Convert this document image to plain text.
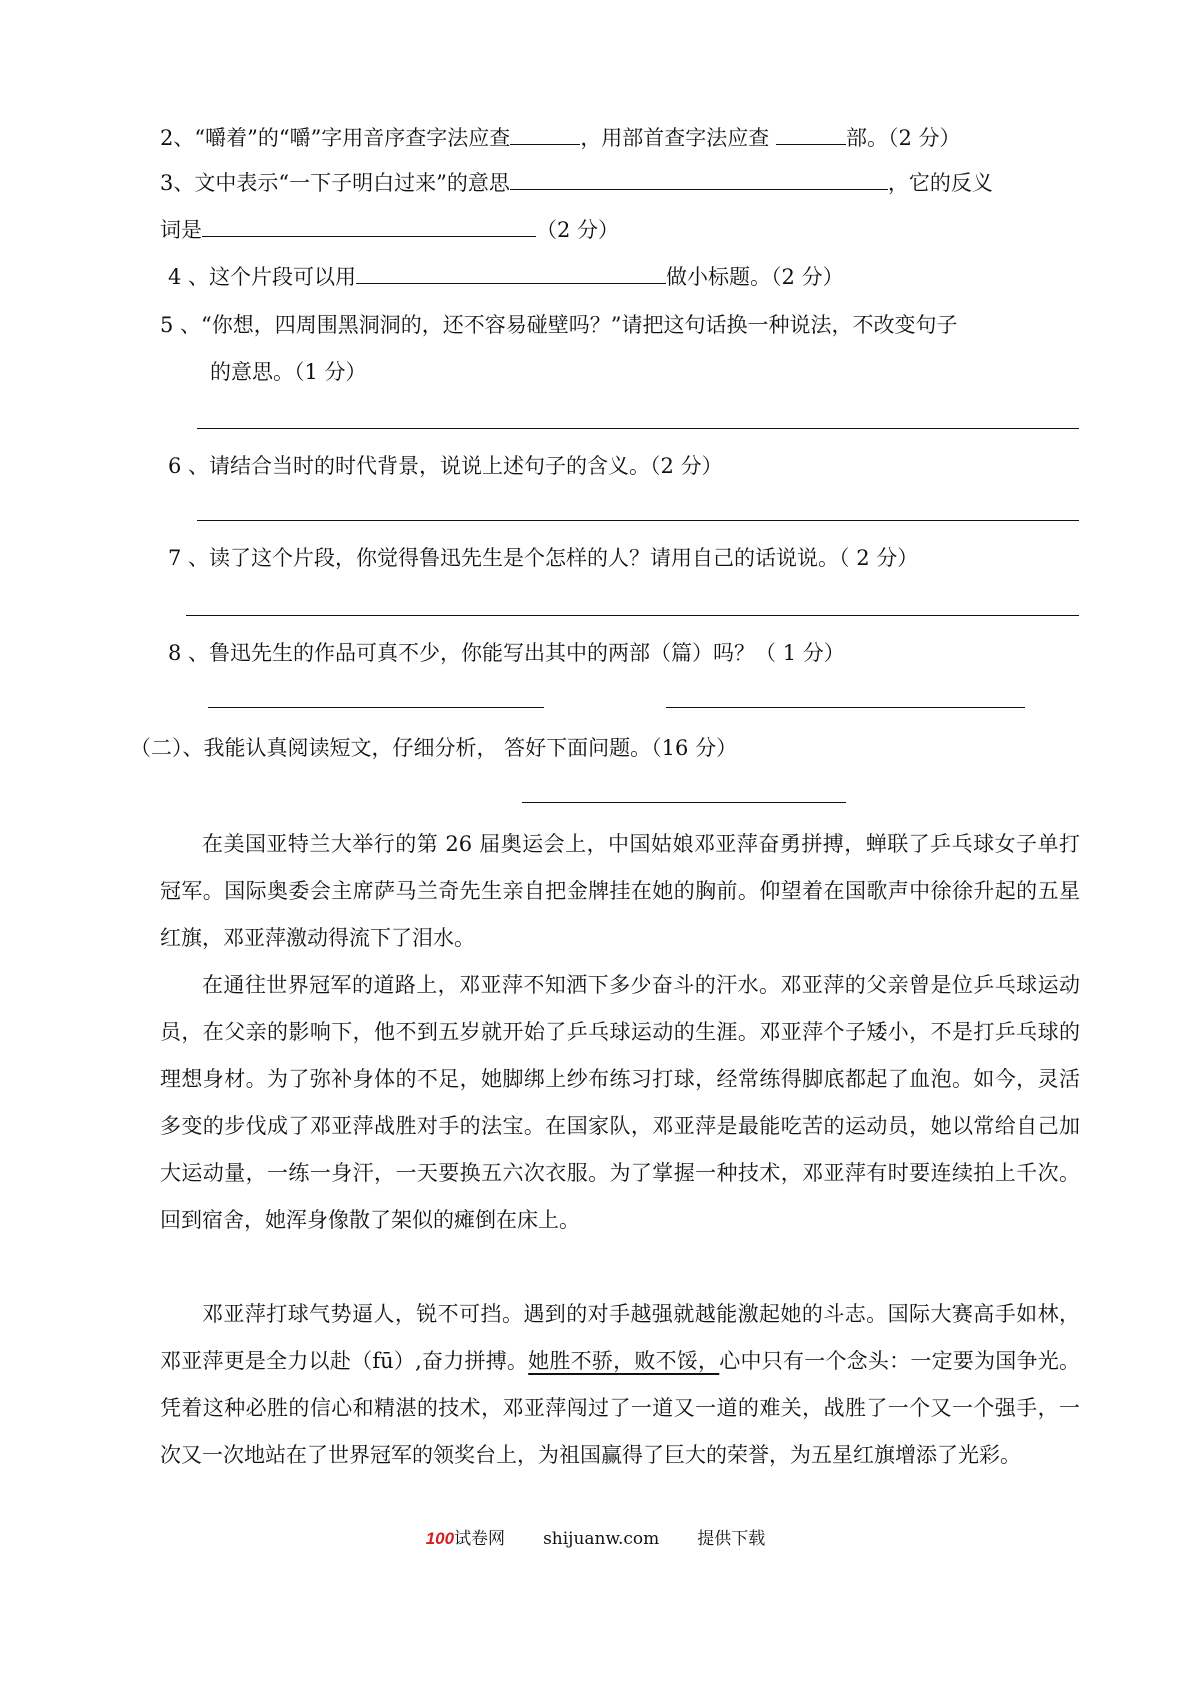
2、“嚼着”的“嚼”字用音序查字法应查	，用部首查字法应查	部。（2 分）
3、文中表示“一下子明白过来”的意思	，它的反义
词是	（2 分）
4 、这个片段可以用	做小标题。（2 分）
5 、“你想，四周围黑洞洞的，还不容易碰壁吗？”请把这句话换一种说法，不改变句子
的意思。（1 分）
6 、请结合当时的时代背景，说说上述句子的含义。（2 分）
7 、读了这个片段，你觉得鲁迅先生是个怎样的人？请用自己的话说说。（ 2 分）
8 、鲁迅先生的作品可真不少，你能写出其中的两部（篇）吗？（ 1 分）
（二）、我能认真阅读短文，仔细分析， 答好下面问题。（16 分）
在美国亚特兰大举行的第 26 届奥运会上，中国姑娘邓亚萍奋勇拼搏，蝉联了乒乓球女子单打冠军。国际奥委会主席萨马兰奇先生亲自把金牌挂在她的胸前。仰望着在国歌声中徐徐升起的五星红旗，邓亚萍激动得流下了泪水。
在通往世界冠军的道路上，邓亚萍不知洒下多少奋斗的汗水。邓亚萍的父亲曾是位乒乓球运动员，在父亲的影响下，他不到五岁就开始了乒乓球运动的生涯。邓亚萍个子矮小，不是打乒乓球的理想身材。为了弥补身体的不足，她脚绑上纱布练习打球，经常练得脚底都起了血泡。如今，灵活多变的步伐成了邓亚萍战胜对手的法宝。在国家队，邓亚萍是最能吃苦的运动员，她以常给自己加大运动量，一练一身汗，一天要换五六次衣服。为了掌握一种技术，邓亚萍有时要连续拍上千次。回到宿舍，她浑身像散了架似的瘫倒在床上。
邓亚萍打球气势逼人，锐不可挡。遇到的对手越强就越能激起她的斗志。国际大赛高手如林，邓亚萍更是全力以赴（fū）,奋力拼搏。她胜不骄，败不馁，心中只有一个念头：一定要为国争光。凭着这种必胜的信心和精湛的技术，邓亚萍闯过了一道又一道的难关，战胜了一个又一个强手，一次又一次地站在了世界冠军的领奖台上，为祖国赢得了巨大的荣誉，为五星红旗增添了光彩。
100试卷网 shijuanw.com 提供下载
